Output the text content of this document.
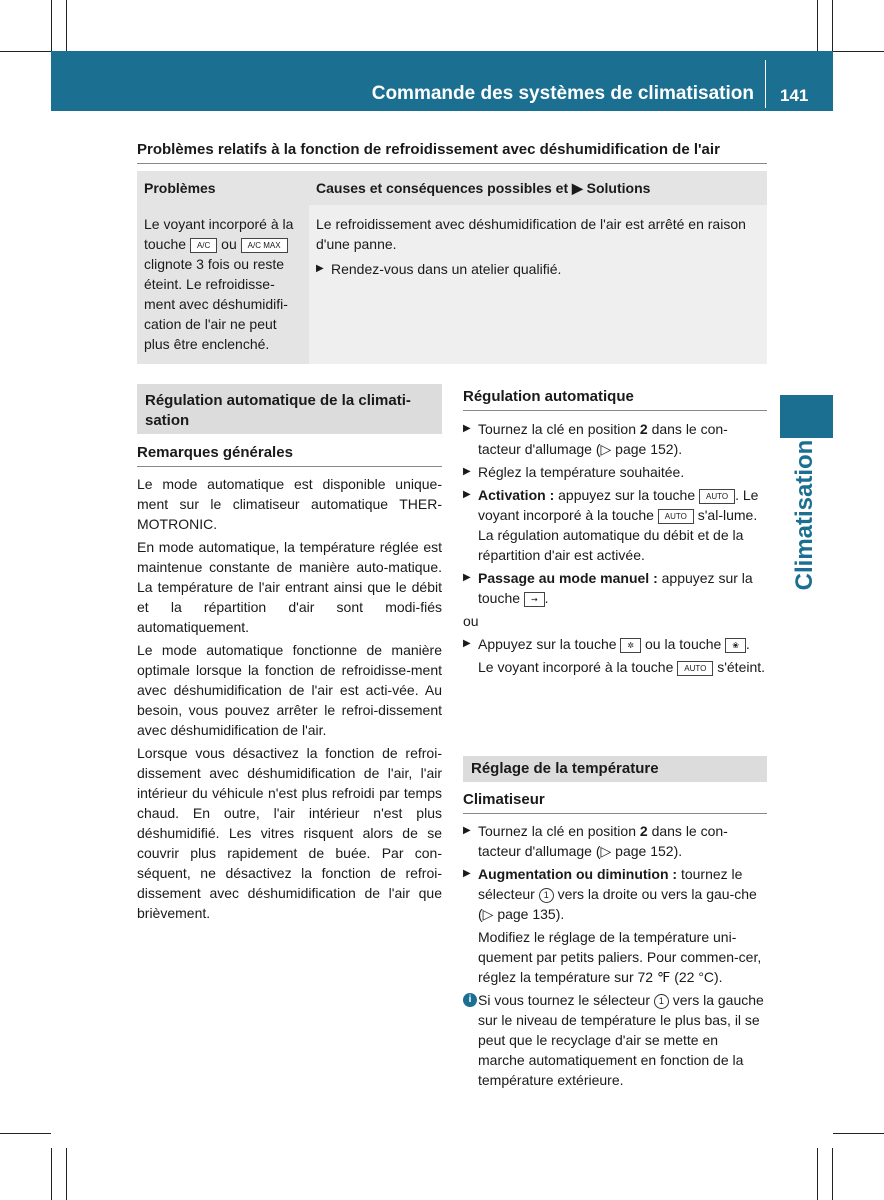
Commande des systèmes de climatisation 141
Climatisation
Problèmes relatifs à la fonction de refroidissement avec déshumidification de l'air
Problèmes	Causes et conséquences possibles et ▶ Solutions
Le voyant incorporé à la touche A/C ou A/C MAX clignote 3 fois ou reste éteint. Le refroidisse-ment avec déshumidifi-cation de l'air ne peut plus être enclenché.	Le refroidissement avec déshumidification de l'air est arrêté en raison d'une panne.
▶ Rendez-vous dans un atelier qualifié.
Régulation automatique de la climati-sation
Remarques générales

Le mode automatique est disponible unique-ment sur le climatiseur automatique THER-MOTRONIC.

En mode automatique, la température réglée est maintenue constante de manière auto-matique. La température de l'air entrant ainsi que le débit et la répartition d'air sont modi-fiés automatiquement.

Le mode automatique fonctionne de manière optimale lorsque la fonction de refroidisse-ment avec déshumidification de l'air est acti-vée. Au besoin, vous pouvez arrêter le refroi-dissement avec déshumidification de l'air.

Lorsque vous désactivez la fonction de refroi-dissement avec déshumidification de l'air, l'air intérieur du véhicule n'est plus refroidi par temps chaud. En outre, l'air intérieur n'est plus déshumidifié. Les vitres risquent alors de se couvrir plus rapidement de buée. Par con-séquent, ne désactivez la fonction de refroi-dissement avec déshumidification de l'air que brièvement.

Régulation automatique
▶ Tournez la clé en position 2 dans le con-tacteur d'allumage (▷ page 152).
▶ Réglez la température souhaitée.
▶ Activation : appuyez sur la touche AUTO . Le voyant incorporé à la touche AUTO s'al-lume. La régulation automatique du débit et de la répartition d'air est activée.
▶ Passage au mode manuel : appuyez sur la touche ⇝ .
ou
▶ Appuyez sur la touche ✲ ou la touche ❀ .
Le voyant incorporé à la touche AUTO s'éteint.
Réglage de la température
Climatiseur
▶ Tournez la clé en position 2 dans le con-tacteur d'allumage (▷ page 152).
▶ Augmentation ou diminution : tournez le sélecteur 1 vers la droite ou vers la gau-che (▷ page 135).
Modifiez le réglage de la température uni-quement par petits paliers. Pour commen-cer, réglez la température sur 72 ℉ (22 °C).
i Si vous tournez le sélecteur 1 vers la gauche sur le niveau de température le plus bas, il se peut que le recyclage d'air se mette en marche automatiquement en fonction de la température extérieure.
